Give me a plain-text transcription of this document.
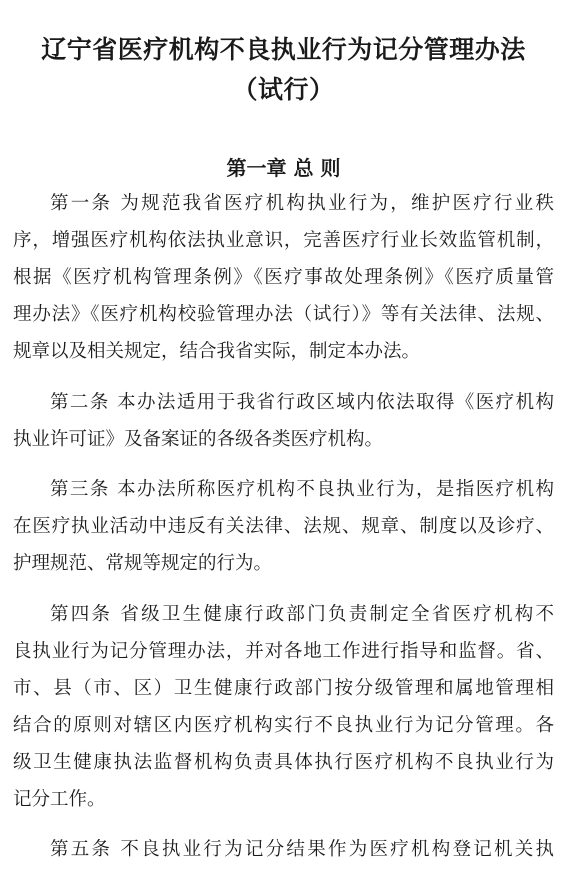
辽宁省医疗机构不良执业行为记分管理办法
（试行）
第一章 总 则
第一条 为规范我省医疗机构执业行为，维护医疗行业秩
序，增强医疗机构依法执业意识，完善医疗行业长效监管机制，
根据《医疗机构管理条例》《医疗事故处理条例》《医疗质量管
理办法》《医疗机构校验管理办法（试行）》等有关法律、法规、
规章以及相关规定，结合我省实际，制定本办法。
第二条 本办法适用于我省行政区域内依法取得《医疗机构
执业许可证》及备案证的各级各类医疗机构。
第三条 本办法所称医疗机构不良执业行为，是指医疗机构
在医疗执业活动中违反有关法律、法规、规章、制度以及诊疗、
护理规范、常规等规定的行为。
第四条 省级卫生健康行政部门负责制定全省医疗机构不
良执业行为记分管理办法，并对各地工作进行指导和监督。省、
市、县（市、区）卫生健康行政部门按分级管理和属地管理相
结合的原则对辖区内医疗机构实行不良执业行为记分管理。各
级卫生健康执法监督机构负责具体执行医疗机构不良执业行为
记分工作。
第五条 不良执业行为记分结果作为医疗机构登记机关执
